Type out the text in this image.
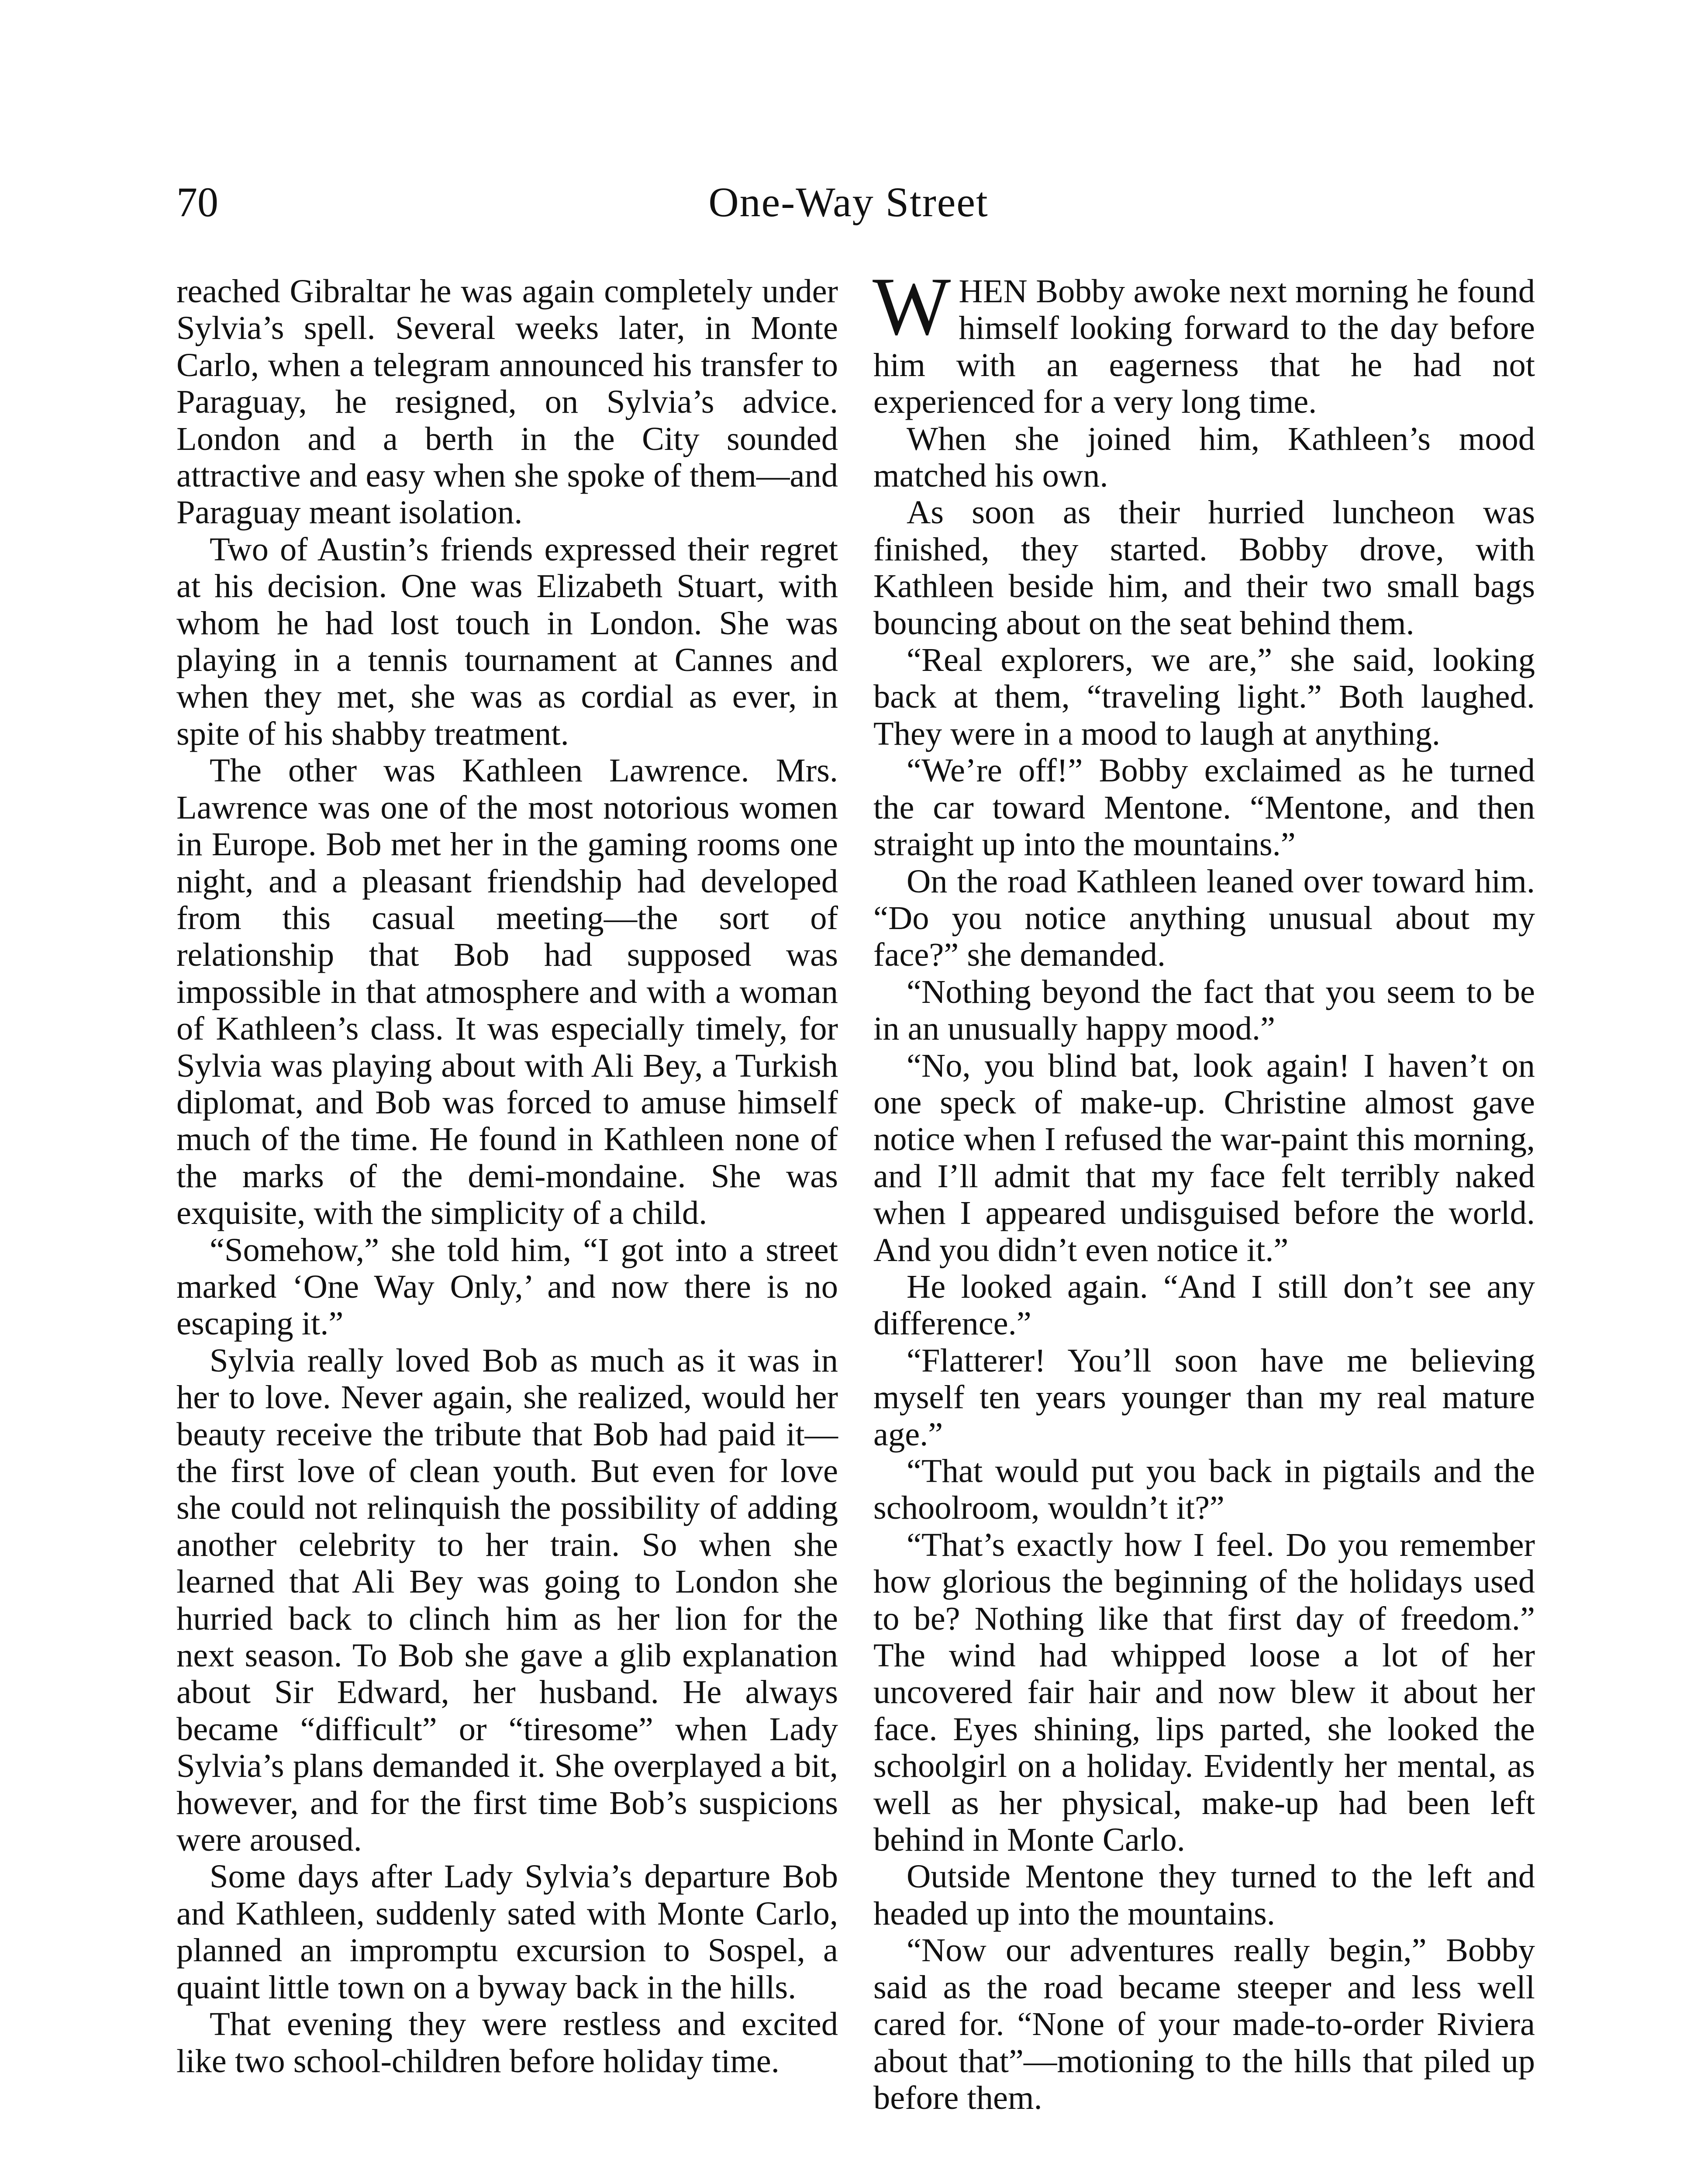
70	One-Way Street

reached Gibraltar he was again completely under Sylvia’s spell. Several weeks later, in Monte Carlo, when a telegram announced his transfer to Paraguay, he resigned, on Sylvia’s advice. London and a berth in the City sounded attractive and easy when she spoke of them—and Paraguay meant isolation.

Two of Austin’s friends expressed their regret at his decision. One was Elizabeth Stuart, with whom he had lost touch in London. She was playing in a tennis tournament at Cannes and when they met, she was as cordial as ever, in spite of his shabby treatment.

The other was Kathleen Lawrence. Mrs. Lawrence was one of the most notorious women in Europe. Bob met her in the gaming rooms one night, and a pleasant friendship had developed from this casual meeting—the sort of relationship that Bob had supposed was impossible in that atmosphere and with a woman of Kathleen’s class. It was especially timely, for Sylvia was playing about with Ali Bey, a Turkish diplomat, and Bob was forced to amuse himself much of the time. He found in Kathleen none of the marks of the demi-mondaine. She was exquisite, with the simplicity of a child.

“Somehow,” she told him, “I got into a street marked ‘One Way Only,’ and now there is no escaping it.”

Sylvia really loved Bob as much as it was in her to love. Never again, she realized, would her beauty receive the tribute that Bob had paid it—the first love of clean youth. But even for love she could not relinquish the possibility of adding another celebrity to her train. So when she learned that Ali Bey was going to London she hurried back to clinch him as her lion for the next season. To Bob she gave a glib explanation about Sir Edward, her husband. He always became “difficult” or “tiresome” when Lady Sylvia’s plans demanded it. She overplayed a bit, however, and for the first time Bob’s suspicions were aroused.

Some days after Lady Sylvia’s departure Bob and Kathleen, suddenly sated with Monte Carlo, planned an impromptu excursion to Sospel, a quaint little town on a byway back in the hills.

That evening they were restless and excited like two school-children before holiday time.

WHEN Bobby awoke next morning he found himself looking forward to the day before him with an eagerness that he had not experienced for a very long time.

When she joined him, Kathleen’s mood matched his own.

As soon as their hurried luncheon was finished, they started. Bobby drove, with Kathleen beside him, and their two small bags bouncing about on the seat behind them.

“Real explorers, we are,” she said, looking back at them, “traveling light.” Both laughed. They were in a mood to laugh at anything.

“We’re off!” Bobby exclaimed as he turned the car toward Mentone. “Mentone, and then straight up into the mountains.”

On the road Kathleen leaned over toward him. “Do you notice anything unusual about my face?” she demanded.

“Nothing beyond the fact that you seem to be in an unusually happy mood.”

“No, you blind bat, look again! I haven’t on one speck of make-up. Christine almost gave notice when I refused the war-paint this morning, and I’ll admit that my face felt terribly naked when I appeared undisguised before the world. And you didn’t even notice it.”

He looked again. “And I still don’t see any difference.”

“Flatterer! You’ll soon have me believing myself ten years younger than my real mature age.”

“That would put you back in pigtails and the schoolroom, wouldn’t it?”

“That’s exactly how I feel. Do you remember how glorious the beginning of the holidays used to be? Nothing like that first day of freedom.” The wind had whipped loose a lot of her uncovered fair hair and now blew it about her face. Eyes shining, lips parted, she looked the schoolgirl on a holiday. Evidently her mental, as well as her physical, make-up had been left behind in Monte Carlo.

Outside Mentone they turned to the left and headed up into the mountains.

“Now our adventures really begin,” Bobby said as the road became steeper and less well cared for. “None of your made-to-order Riviera about that”—motioning to the hills that piled up before them.
